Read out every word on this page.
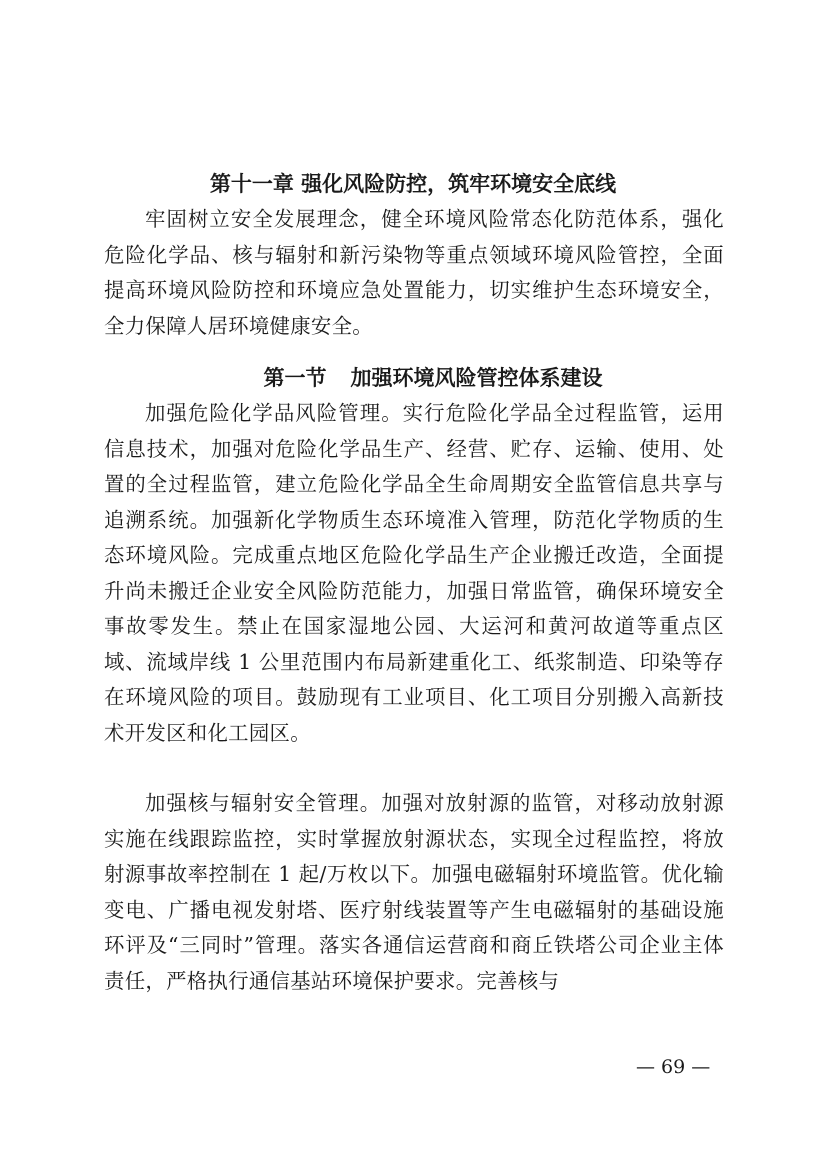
第十一章 强化风险防控，筑牢环境安全底线

牢固树立安全发展理念，健全环境风险常态化防范体系，强化危险化学品、核与辐射和新污染物等重点领域环境风险管控，全面提高环境风险防控和环境应急处置能力，切实维护生态环境安全，全力保障人居环境健康安全。

第一节 加强环境风险管控体系建设

加强危险化学品风险管理。实行危险化学品全过程监管，运用信息技术，加强对危险化学品生产、经营、贮存、运输、使用、处置的全过程监管，建立危险化学品全生命周期安全监管信息共享与追溯系统。加强新化学物质生态环境准入管理，防范化学物质的生态环境风险。完成重点地区危险化学品生产企业搬迁改造，全面提升尚未搬迁企业安全风险防范能力，加强日常监管，确保环境安全事故零发生。禁止在国家湿地公园、大运河和黄河故道等重点区域、流域岸线 1 公里范围内布局新建重化工、纸浆制造、印染等存在环境风险的项目。鼓励现有工业项目、化工项目分别搬入高新技术开发区和化工园区。

加强核与辐射安全管理。加强对放射源的监管，对移动放射源实施在线跟踪监控，实时掌握放射源状态，实现全过程监控，将放射源事故率控制在 1 起/万枚以下。加强电磁辐射环境监管。优化输变电、广播电视发射塔、医疗射线装置等产生电磁辐射的基础设施环评及“三同时”管理。落实各通信运营商和商丘铁塔公司企业主体责任，严格执行通信基站环境保护要求。完善核与

— 69 —
